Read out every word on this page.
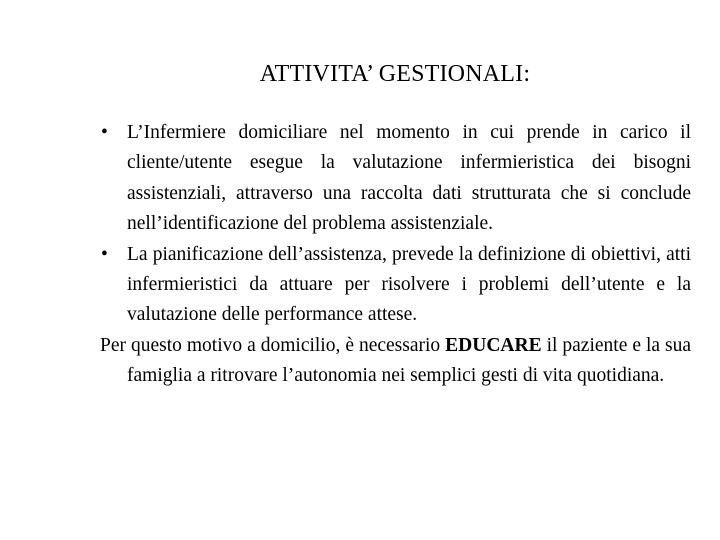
ATTIVITA’ GESTIONALI:

• L’Infermiere domiciliare nel momento in cui prende in carico il cliente/utente esegue la valutazione infermieristica dei bisogni assistenziali, attraverso una raccolta dati strutturata che si conclude nell’identificazione del problema assistenziale.

• La pianificazione dell’assistenza, prevede la definizione di obiettivi, atti infermieristici da attuare per risolvere i problemi dell’utente e la valutazione delle performance attese.

Per questo motivo a domicilio, è necessario EDUCARE il paziente e la sua famiglia a ritrovare l’autonomia nei semplici gesti di vita quotidiana.
